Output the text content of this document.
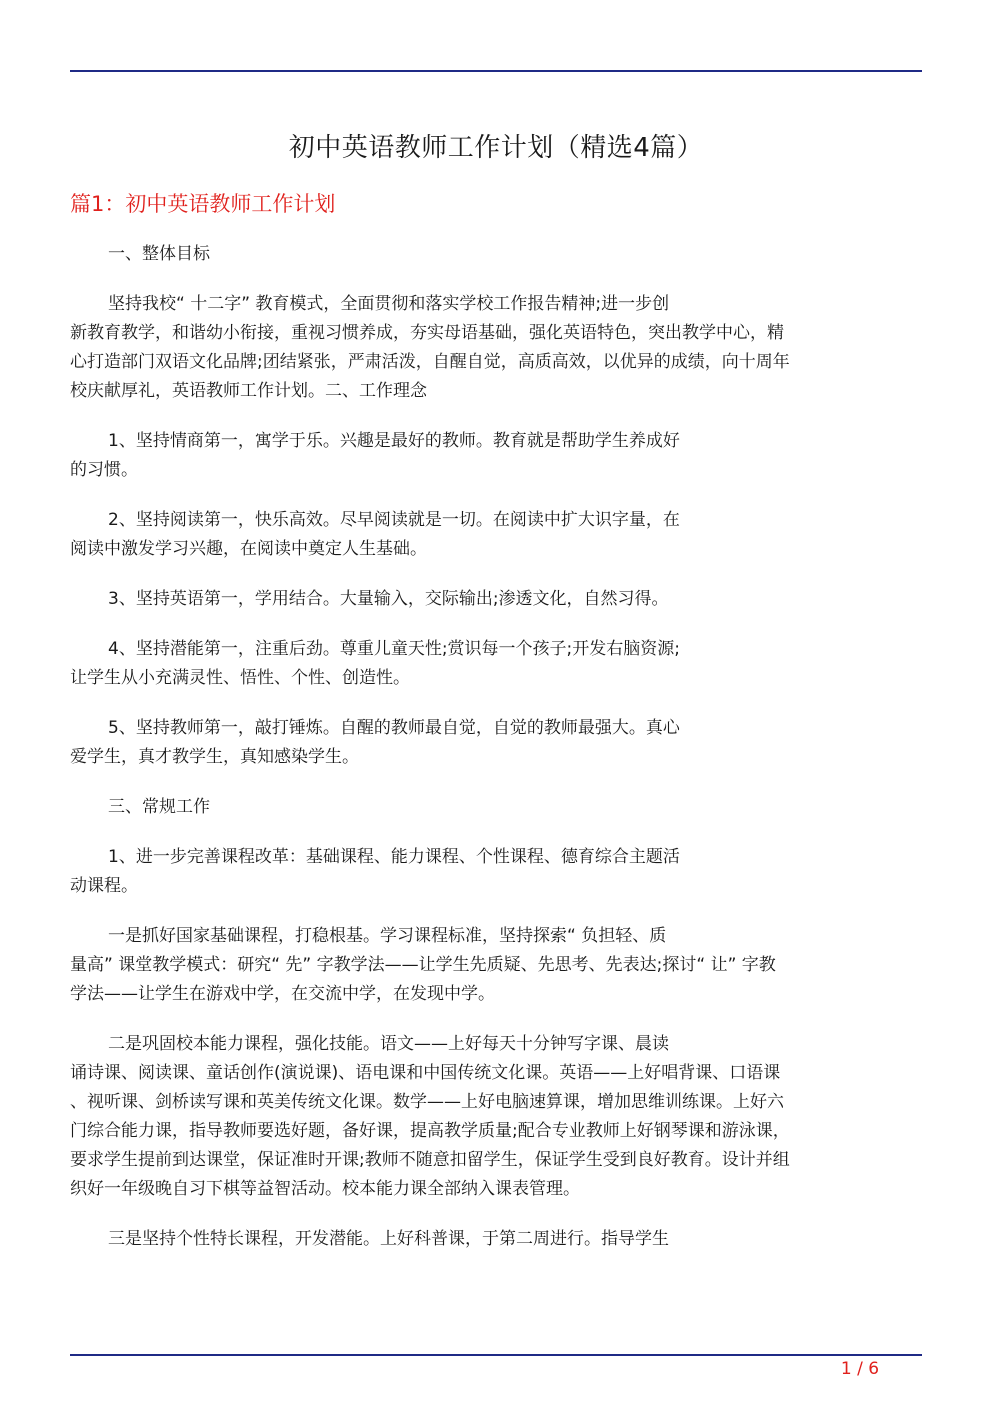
初中英语教师工作计划（精选4篇）
篇1：初中英语教师工作计划
一、整体目标
坚持我校“ 十二字” 教育模式，全面贯彻和落实学校工作报告精神;进一步创
新教育教学，和谐幼小衔接，重视习惯养成，夯实母语基础，强化英语特色，突出教学中心，精
心打造部门双语文化品牌;团结紧张，严肃活泼，自醒自觉，高质高效，以优异的成绩，向十周年
校庆献厚礼，英语教师工作计划。二、工作理念
1、坚持情商第一，寓学于乐。兴趣是最好的教师。教育就是帮助学生养成好
的习惯。
2、坚持阅读第一，快乐高效。尽早阅读就是一切。在阅读中扩大识字量，在
阅读中激发学习兴趣，在阅读中奠定人生基础。
3、坚持英语第一，学用结合。大量输入，交际输出;渗透文化，自然习得。
4、坚持潜能第一，注重后劲。尊重儿童天性;赏识每一个孩子;开发右脑资源;
让学生从小充满灵性、悟性、个性、创造性。
5、坚持教师第一，敲打锤炼。自醒的教师最自觉，自觉的教师最强大。真心
爱学生，真才教学生，真知感染学生。
三、常规工作
1、进一步完善课程改革：基础课程、能力课程、个性课程、德育综合主题活
动课程。
一是抓好国家基础课程，打稳根基。学习课程标准，坚持探索“ 负担轻、质
量高” 课堂教学模式：研究“ 先” 字教学法——让学生先质疑、先思考、先表达;探讨“ 让” 字教
学法——让学生在游戏中学，在交流中学，在发现中学。
二是巩固校本能力课程，强化技能。语文——上好每天十分钟写字课、晨读
诵诗课、阅读课、童话创作(演说课)、语电课和中国传统文化课。英语——上好唱背课、口语课
、视听课、剑桥读写课和英美传统文化课。数学——上好电脑速算课，增加思维训练课。上好六
门综合能力课，指导教师要选好题，备好课，提高教学质量;配合专业教师上好钢琴课和游泳课，
要求学生提前到达课堂，保证准时开课;教师不随意扣留学生，保证学生受到良好教育。设计并组
织好一年级晚自习下棋等益智活动。校本能力课全部纳入课表管理。
三是坚持个性特长课程，开发潜能。上好科普课，于第二周进行。指导学生
1 / 6
